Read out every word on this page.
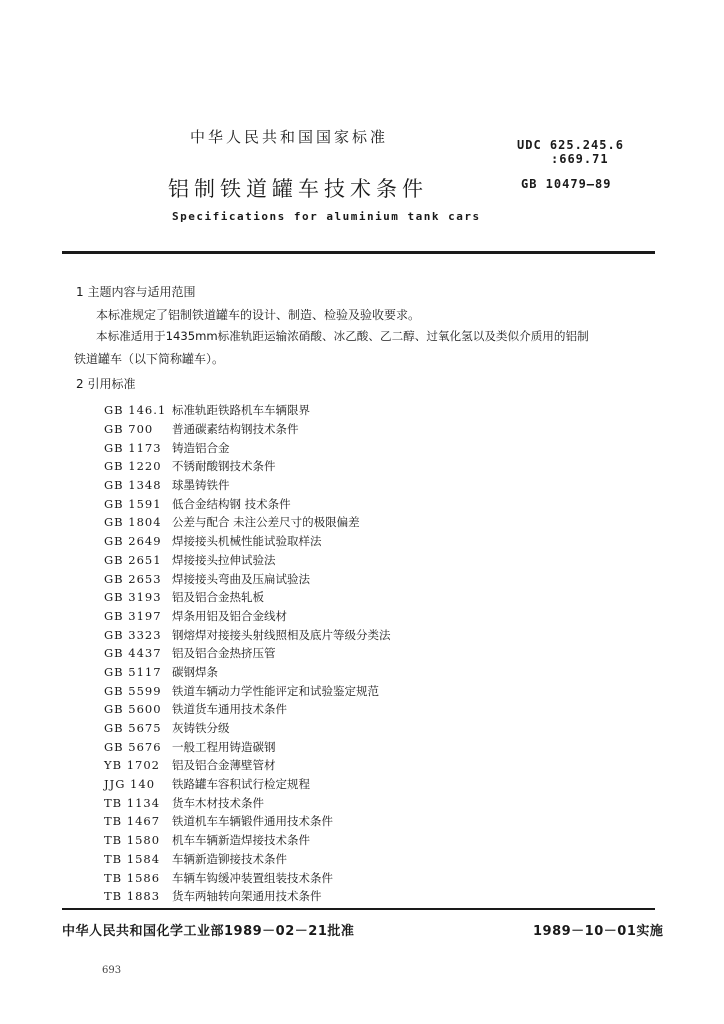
中华人民共和国国家标准	UDC 625.245.6
:669.71
铝制铁道罐车技术条件	GB 10479—89
Specifications for aluminium tank cars
1 主题内容与适用范围
本标准规定了铝制铁道罐车的设计、制造、检验及验收要求。
本标准适用于1435mm标准轨距运输浓硝酸、冰乙酸、乙二醇、过氧化氢以及类似介质用的铝制
铁道罐车（以下简称罐车）。
2 引用标准
GB 146.1 标准轨距铁路机车车辆限界
GB 700	普通碳素结构钢技术条件
GB 1173 铸造铝合金
GB 1220 不锈耐酸钢技术条件
GB 1348 球墨铸铁件
GB 1591 低合金结构钢 技术条件
GB 1804 公差与配合 未注公差尺寸的极限偏差
GB 2649 焊接接头机械性能试验取样法
GB 2651 焊接接头拉伸试验法
GB 2653 焊接接头弯曲及压扁试验法
GB 3193 铝及铝合金热轧板
GB 3197 焊条用铝及铝合金线材
GB 3323 钢熔焊对接接头射线照相及底片等级分类法
GB 4437 铝及铝合金热挤压管
GB 5117 碳钢焊条
GB 5599 铁道车辆动力学性能评定和试验鉴定规范
GB 5600 铁道货车通用技术条件
GB 5675 灰铸铁分级
GB 5676 一般工程用铸造碳钢
YB 1702	铝及铝合金薄壁管材
JJG 140	铁路罐车容积试行检定规程
TB 1134	货车木材技术条件
TB 1467	铁道机车车辆锻件通用技术条件
TB 1580	机车车辆新造焊接技术条件
TB 1584	车辆新造铆接技术条件
TB 1586	车辆车钩缓冲装置组装技术条件
TB 1883	货车两轴转向架通用技术条件
中华人民共和国化学工业部1989－02－21批准	1989－10－01实施
693
